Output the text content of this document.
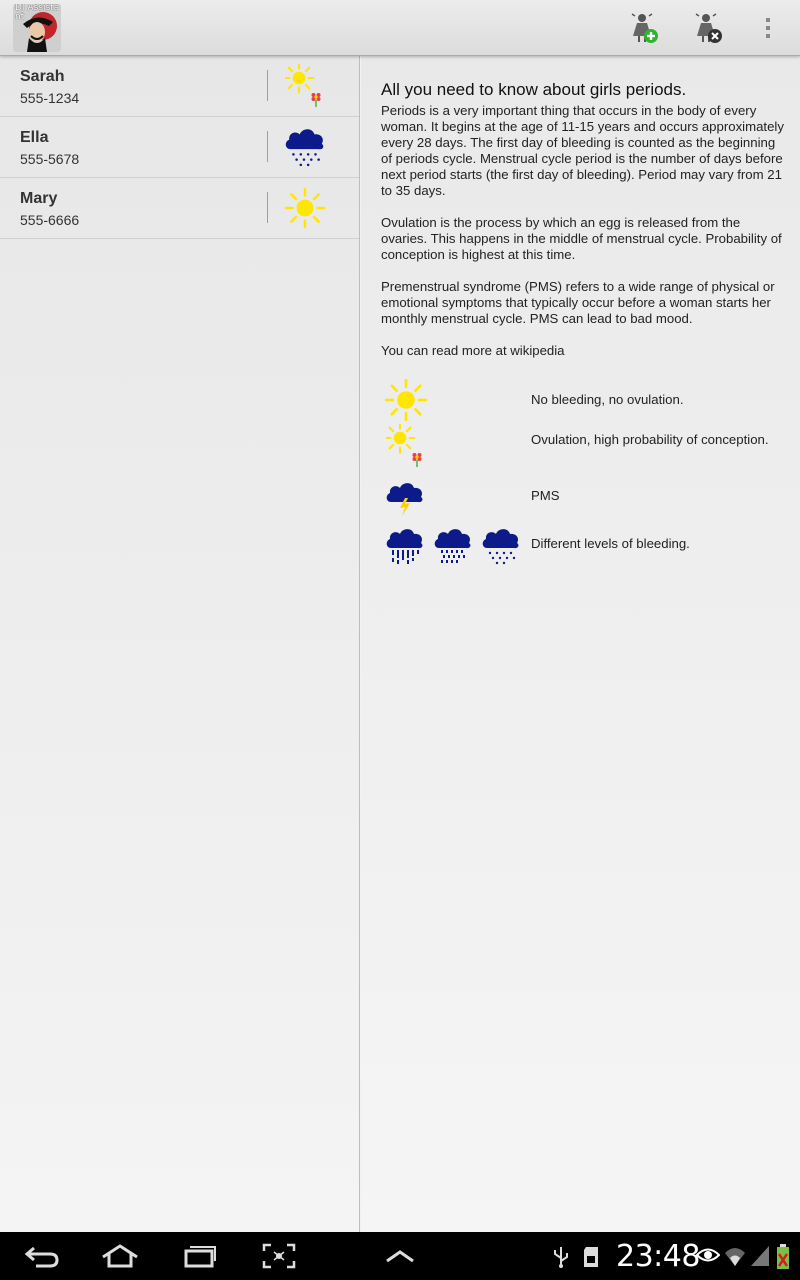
DJ Assistant
Sarah
555-1234
Ella
555-5678
Mary
555-6666
All you need to know about girls periods.

Periods is a very important thing that occurs in the body of every woman. It begins at the age of 11-15 years and occurs approximately every 28 days. The first day of bleeding is counted as the beginning of periods cycle. Menstrual cycle period is the number of days before next period starts (the first day of bleeding). Period may vary from 21 to 35 days.

Ovulation is the process by which an egg is released from the ovaries. This happens in the middle of menstrual cycle. Probability of conception is highest at this time.

Premenstrual syndrome (PMS) refers to a wide range of physical or emotional symptoms that typically occur before a woman starts her monthly menstrual cycle. PMS can lead to bad mood.

You can read more at wikipedia

No bleeding, no ovulation.
Ovulation, high probability of conception.
PMS
Different levels of bleeding.
23:48
